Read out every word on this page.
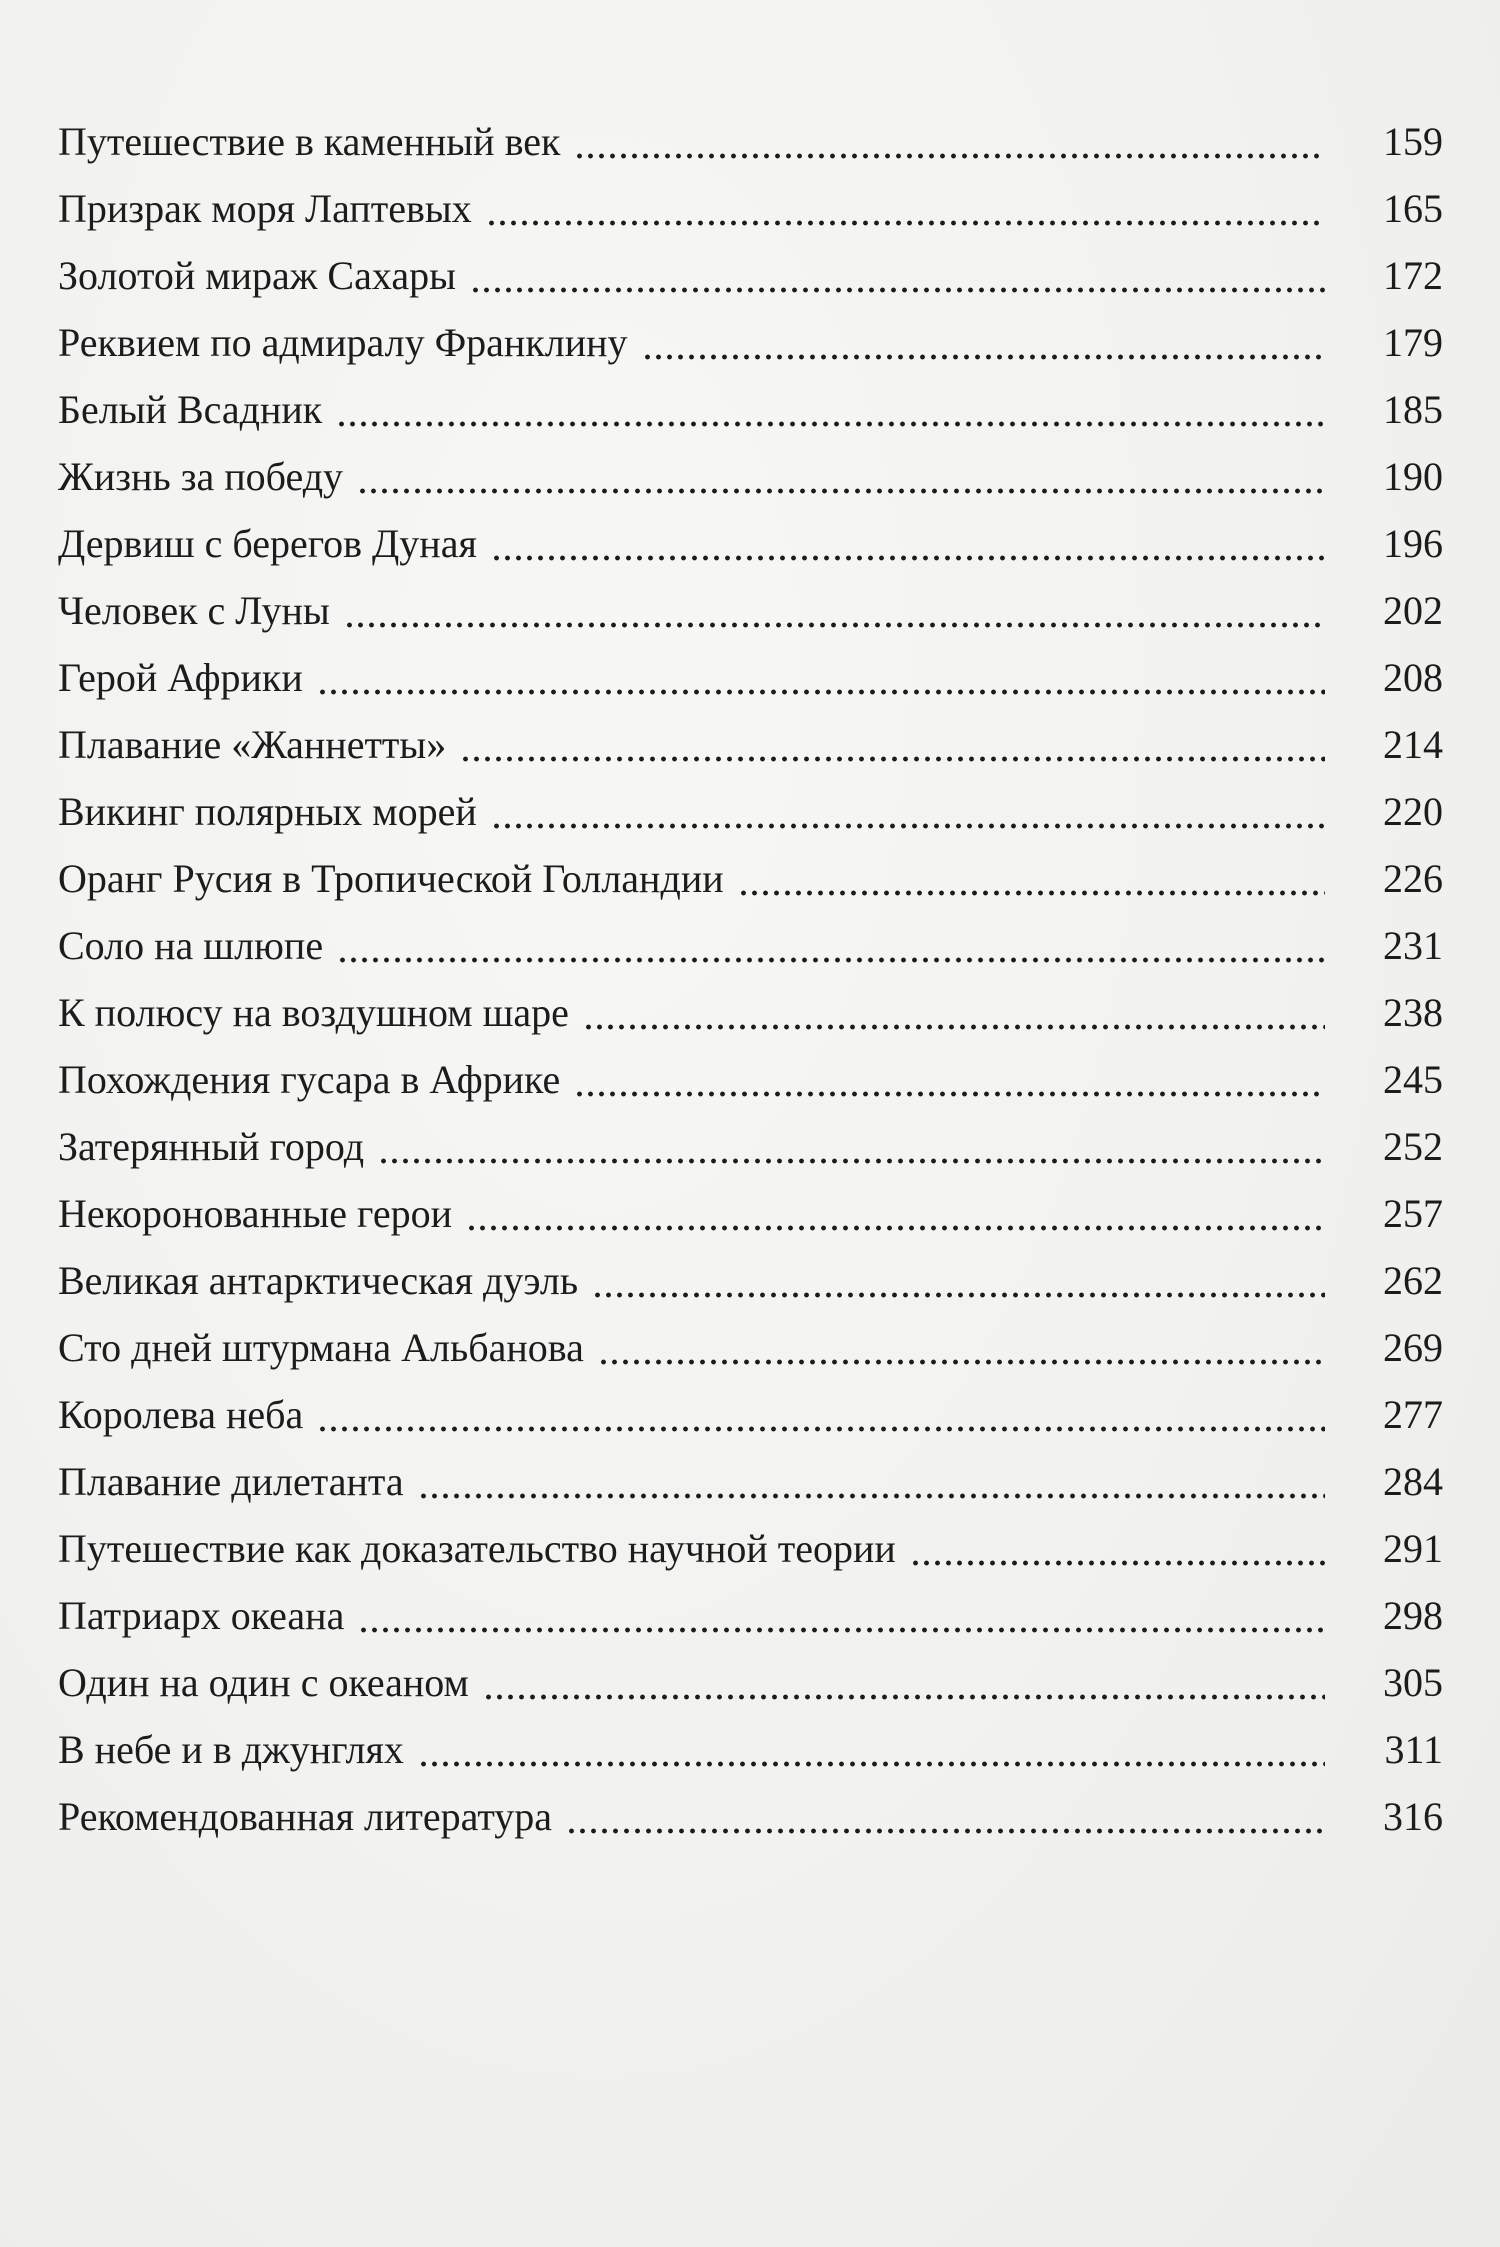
Путешествие в каменный век	159
Призрак моря Лаптевых	165
Золотой мираж Сахары	172
Реквием по адмиралу Франклину	179
Белый Всадник	185
Жизнь за победу	190
Дервиш с берегов Дуная	196
Человек с Луны	202
Герой Африки	208
Плавание «Жаннетты»	214
Викинг полярных морей	220
Оранг Русия в Тропической Голландии	226
Соло на шлюпе	231
К полюсу на воздушном шаре	238
Похождения гусара в Африке	245
Затерянный город	252
Некоронованные герои	257
Великая антарктическая дуэль	262
Сто дней штурмана Альбанова	269
Королева неба	277
Плавание дилетанта	284
Путешествие как доказательство научной теории	291
Патриарх океана	298
Один на один с океаном	305
В небе и в джунглях	311
Рекомендованная литература	316
